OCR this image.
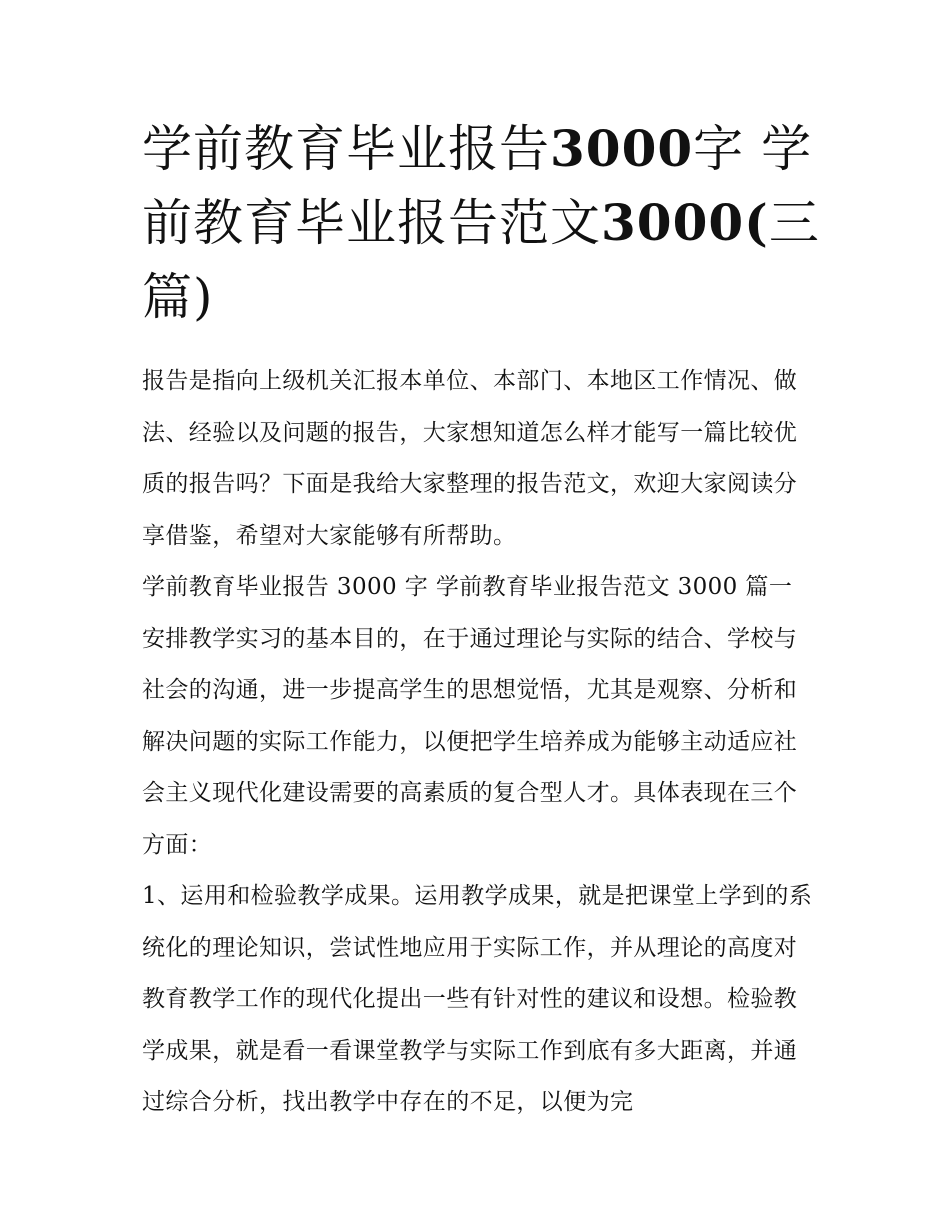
学前教育毕业报告3000字 学前教育毕业报告范文3000(三篇)

报告是指向上级机关汇报本单位、本部门、本地区工作情况、做法、经验以及问题的报告，大家想知道怎么样才能写一篇比较优质的报告吗？下面是我给大家整理的报告范文，欢迎大家阅读分享借鉴，希望对大家能够有所帮助。

学前教育毕业报告 3000 字 学前教育毕业报告范文 3000 篇一

安排教学实习的基本目的，在于通过理论与实际的结合、学校与社会的沟通，进一步提高学生的思想觉悟，尤其是观察、分析和解决问题的实际工作能力，以便把学生培养成为能够主动适应社会主义现代化建设需要的高素质的复合型人才。具体表现在三个方面：

1、运用和检验教学成果。运用教学成果，就是把课堂上学到的系统化的理论知识，尝试性地应用于实际工作，并从理论的高度对教育教学工作的现代化提出一些有针对性的建议和设想。检验教学成果，就是看一看课堂教学与实际工作到底有多大距离，并通过综合分析，找出教学中存在的不足，以便为完
